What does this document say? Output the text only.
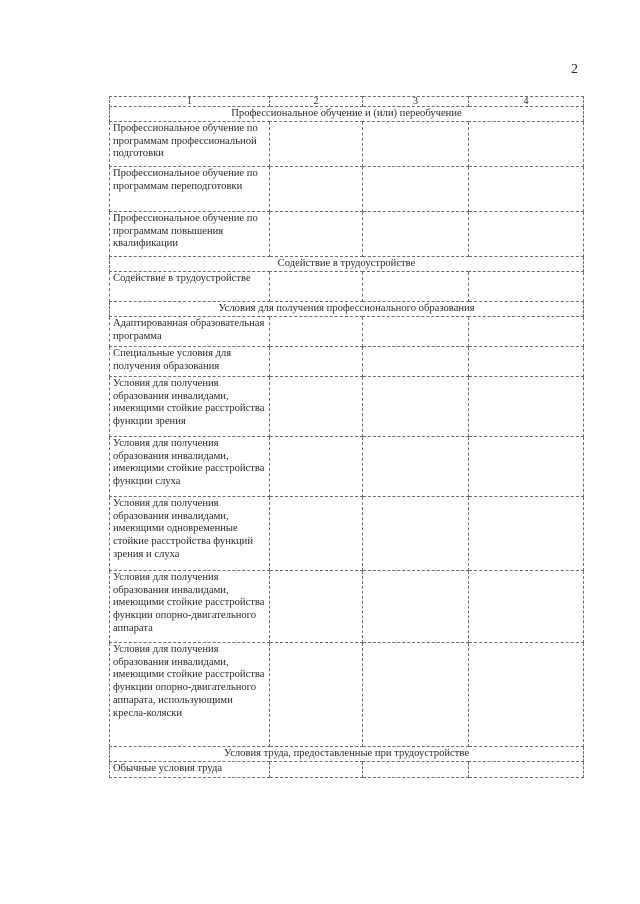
2
1	2	3	4
Профессиональное обучение и (или) переобучение			
Профессиональное обучение по программам профессиональной подготовки			
Профессиональное обучение по программам переподготовки			
Профессиональное обучение по программам повышения квалификации			
Содействие в трудоустройстве			
Содействие в трудоустройстве			
Условия для получения профессионального образования			
Адаптированная образовательная программа			
Специальные условия для получения образования			
Условия для получения образования инвалидами, имеющими стойкие расстройства функции зрения			
Условия для получения образования инвалидами, имеющими стойкие расстройства функции слуха			
Условия для получения образования инвалидами, имеющими одновременные стойкие расстройства функций зрения и слуха			
Условия для получения образования инвалидами, имеющими стойкие расстройства функции опорно-двигательного аппарата			
Условия для получения образования инвалидами, имеющими стойкие расстройства функции опорно-двигательного аппарата, использующими кресла-коляски			
Условия труда, предоставленные при трудоустройстве			
Обычные условия труда			
